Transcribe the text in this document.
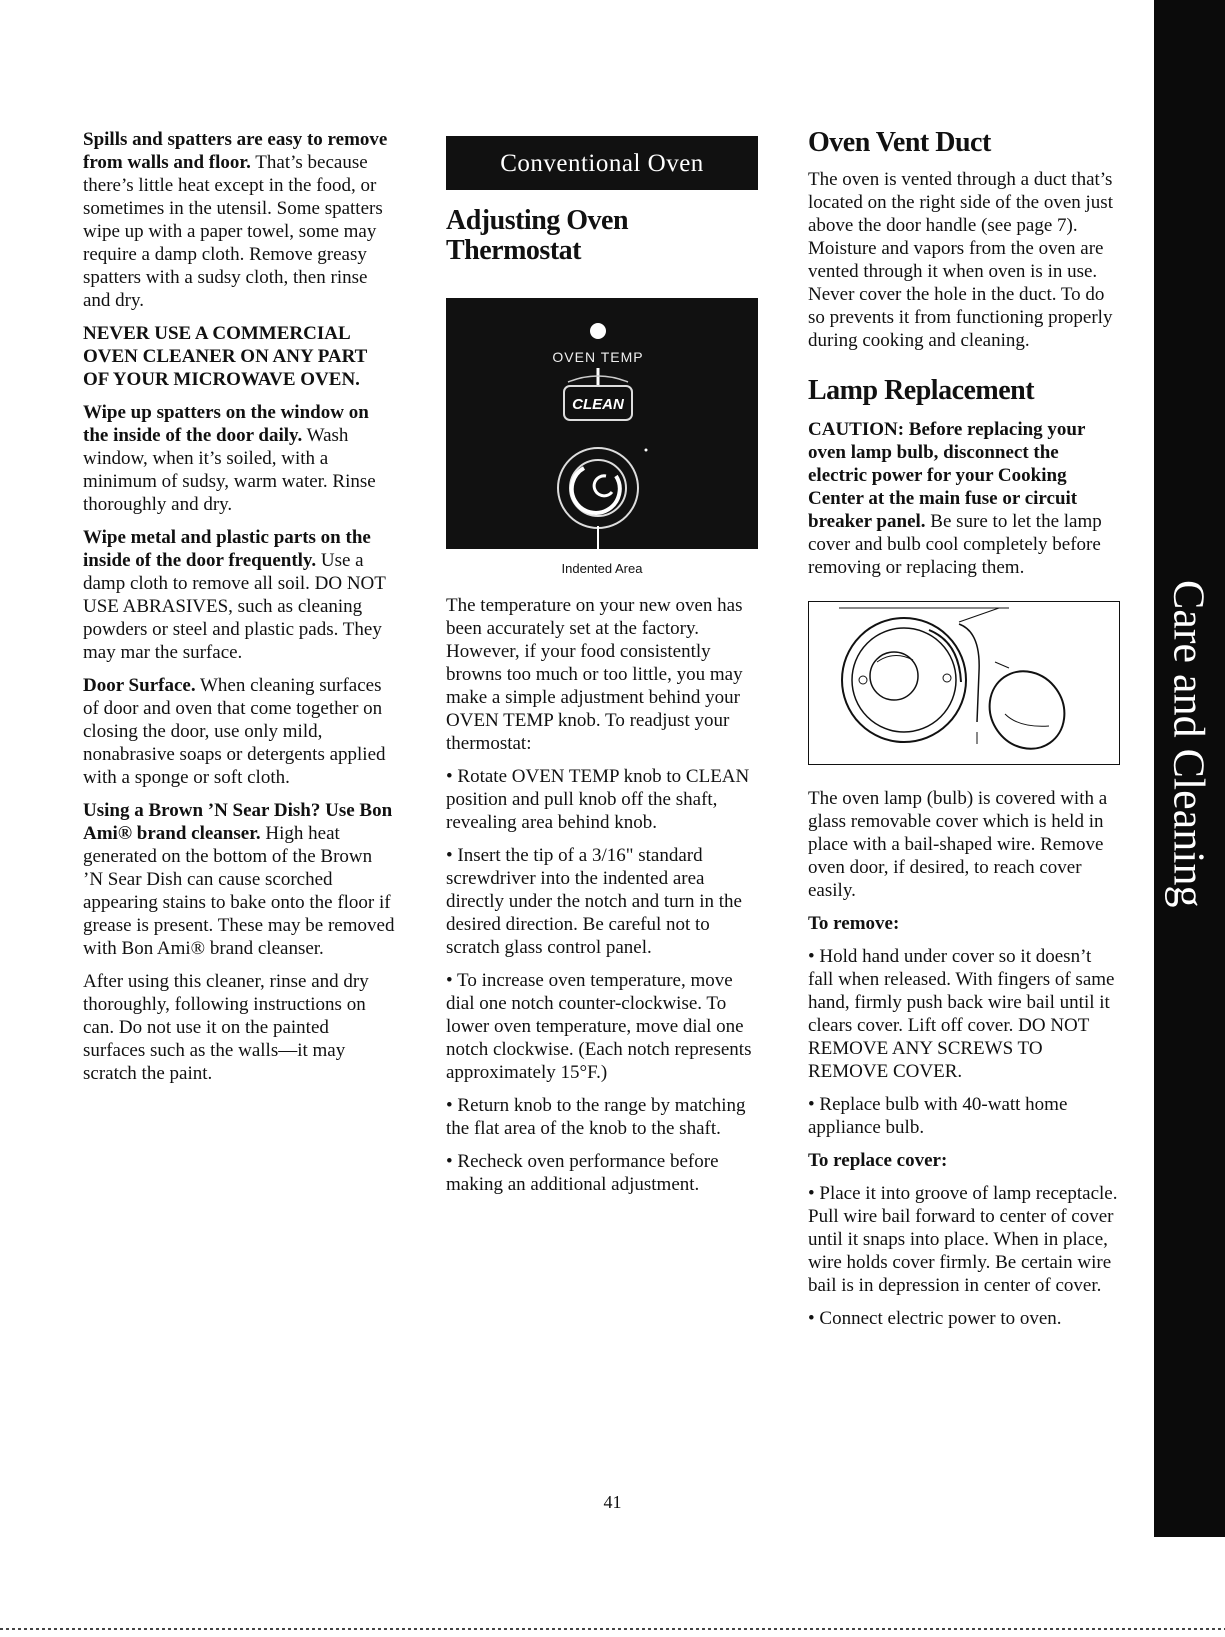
Spills and spatters are easy to remove from walls and floor. That’s because there’s little heat except in the food, or sometimes in the utensil. Some spatters wipe up with a paper towel, some may require a damp cloth. Remove greasy spatters with a sudsy cloth, then rinse and dry.

NEVER USE A COMMERCIAL OVEN CLEANER ON ANY PART OF YOUR MICROWAVE OVEN.

Wipe up spatters on the window on the inside of the door daily. Wash window, when it’s soiled, with a minimum of sudsy, warm water. Rinse thoroughly and dry.

Wipe metal and plastic parts on the inside of the door frequently. Use a damp cloth to remove all soil. DO NOT USE ABRASIVES, such as cleaning powders or steel and plastic pads. They may mar the surface.

Door Surface. When cleaning surfaces of door and oven that come together on closing the door, use only mild, nonabrasive soaps or detergents applied with a sponge or soft cloth.

Using a Brown ’N Sear Dish? Use Bon Ami® brand cleanser. High heat generated on the bottom of the Brown ’N Sear Dish can cause scorched appearing stains to bake onto the floor if grease is present. These may be removed with Bon Ami® brand cleanser.

After using this cleaner, rinse and dry thoroughly, following instructions on can. Do not use it on the painted surfaces such as the walls—it may scratch the paint.

Conventional Oven
Adjusting Oven Thermostat
OVEN TEMP
CLEAN
Indented Area

The temperature on your new oven has been accurately set at the factory. However, if your food consistently browns too much or too little, you may make a simple adjustment behind your OVEN TEMP knob. To readjust your thermostat:

• Rotate OVEN TEMP knob to CLEAN position and pull knob off the shaft, revealing area behind knob.

• Insert the tip of a 3/16" standard screwdriver into the indented area directly under the notch and turn in the desired direction. Be careful not to scratch glass control panel.

• To increase oven temperature, move dial one notch counter-clockwise. To lower oven temperature, move dial one notch clockwise. (Each notch represents approximately 15°F.)

• Return knob to the range by matching the flat area of the knob to the shaft.

• Recheck oven performance before making an additional adjustment.

Oven Vent Duct

The oven is vented through a duct that’s located on the right side of the oven just above the door handle (see page 7). Moisture and vapors from the oven are vented through it when oven is in use. Never cover the hole in the duct. To do so prevents it from functioning properly during cooking and cleaning.

Lamp Replacement

CAUTION: Before replacing your oven lamp bulb, disconnect the electric power for your Cooking Center at the main fuse or circuit breaker panel. Be sure to let the lamp cover and bulb cool completely before removing or replacing them.

The oven lamp (bulb) is covered with a glass removable cover which is held in place with a bail-shaped wire. Remove oven door, if desired, to reach cover easily.

To remove:

• Hold hand under cover so it doesn’t fall when released. With fingers of same hand, firmly push back wire bail until it clears cover. Lift off cover. DO NOT REMOVE ANY SCREWS TO REMOVE COVER.

• Replace bulb with 40-watt home appliance bulb.

To replace cover:

• Place it into groove of lamp receptacle. Pull wire bail forward to center of cover until it snaps into place. When in place, wire holds cover firmly. Be certain wire bail is in depression in center of cover.

• Connect electric power to oven.

Care and Cleaning
41
